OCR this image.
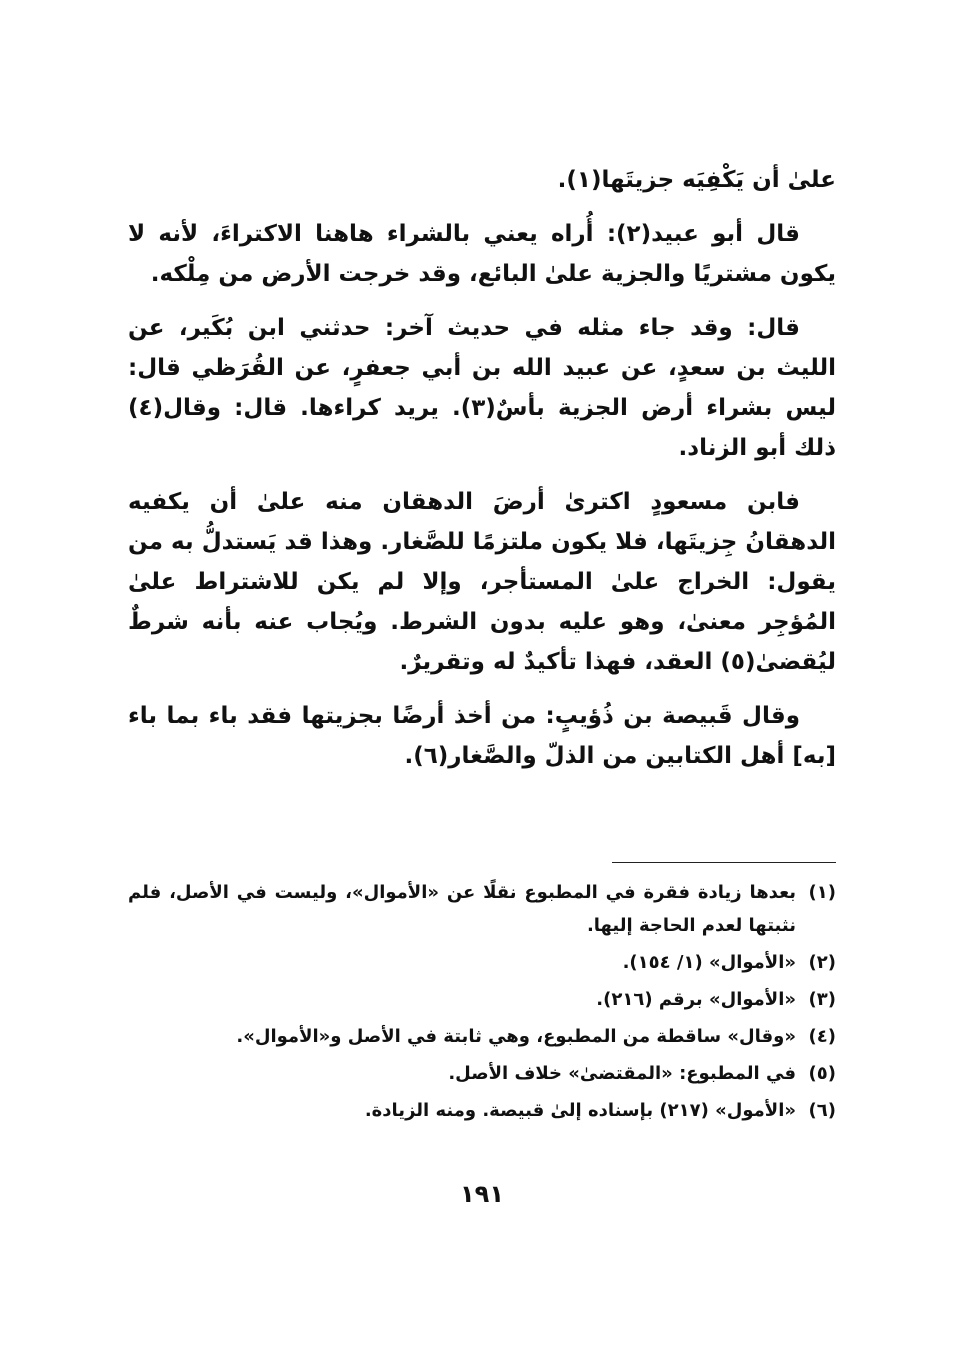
علىٰ أن يَكْفِيَه جزيتَها(١).

قال أبو عبيد(٢): أُراه يعني بالشراء هاهنا الاكتراءَ، لأنه لا يكون مشتريًا والجزية علىٰ البائع، وقد خرجت الأرض من مِلْكه.

قال: وقد جاء مثله في حديث آخر: حدثني ابن بُكَير، عن الليث بن سعدٍ، عن عبيد الله بن أبي جعفرٍ، عن القُرَظي قال: ليس بشراء أرض الجزية بأسٌ(٣). يريد كراءها. قال: وقال(٤) ذلك أبو الزناد.

فابن مسعودٍ اكترىٰ أرضَ الدهقان منه علىٰ أن يكفيه الدهقانُ جِزيتَها، فلا يكون ملتزمًا للصَّغار. وهذا قد يَستدلُّ به من يقول: الخراج علىٰ المستأجر، وإلا لم يكن للاشتراط علىٰ المُؤجِر معنىٰ، وهو عليه بدون الشرط. ويُجاب عنه بأنه شرطٌ ليُقضىٰ(٥) العقد، فهذا تأكيدٌ له وتقريرٌ.

وقال قَبيصة بن ذُؤيبٍ: من أخذ أرضًا بجزيتها فقد باء بما باء [به] أهل الكتابين من الذلّ والصَّغار(٦).

(١)
بعدها زيادة فقرة في المطبوع نقلًا عن «الأموال»، وليست في الأصل، فلم نثبتها لعدم الحاجة إليها.
(٢)
«الأموال» (١/ ١٥٤).
(٣)
«الأموال» برقم (٢١٦).
(٤)
«وقال» ساقطة من المطبوع، وهي ثابتة في الأصل و«الأموال».
(٥)
في المطبوع: «المقتضىٰ» خلاف الأصل.
(٦)
«الأمول» (٢١٧) بإسناده إلىٰ قبيصة. ومنه الزيادة.
١٩١
